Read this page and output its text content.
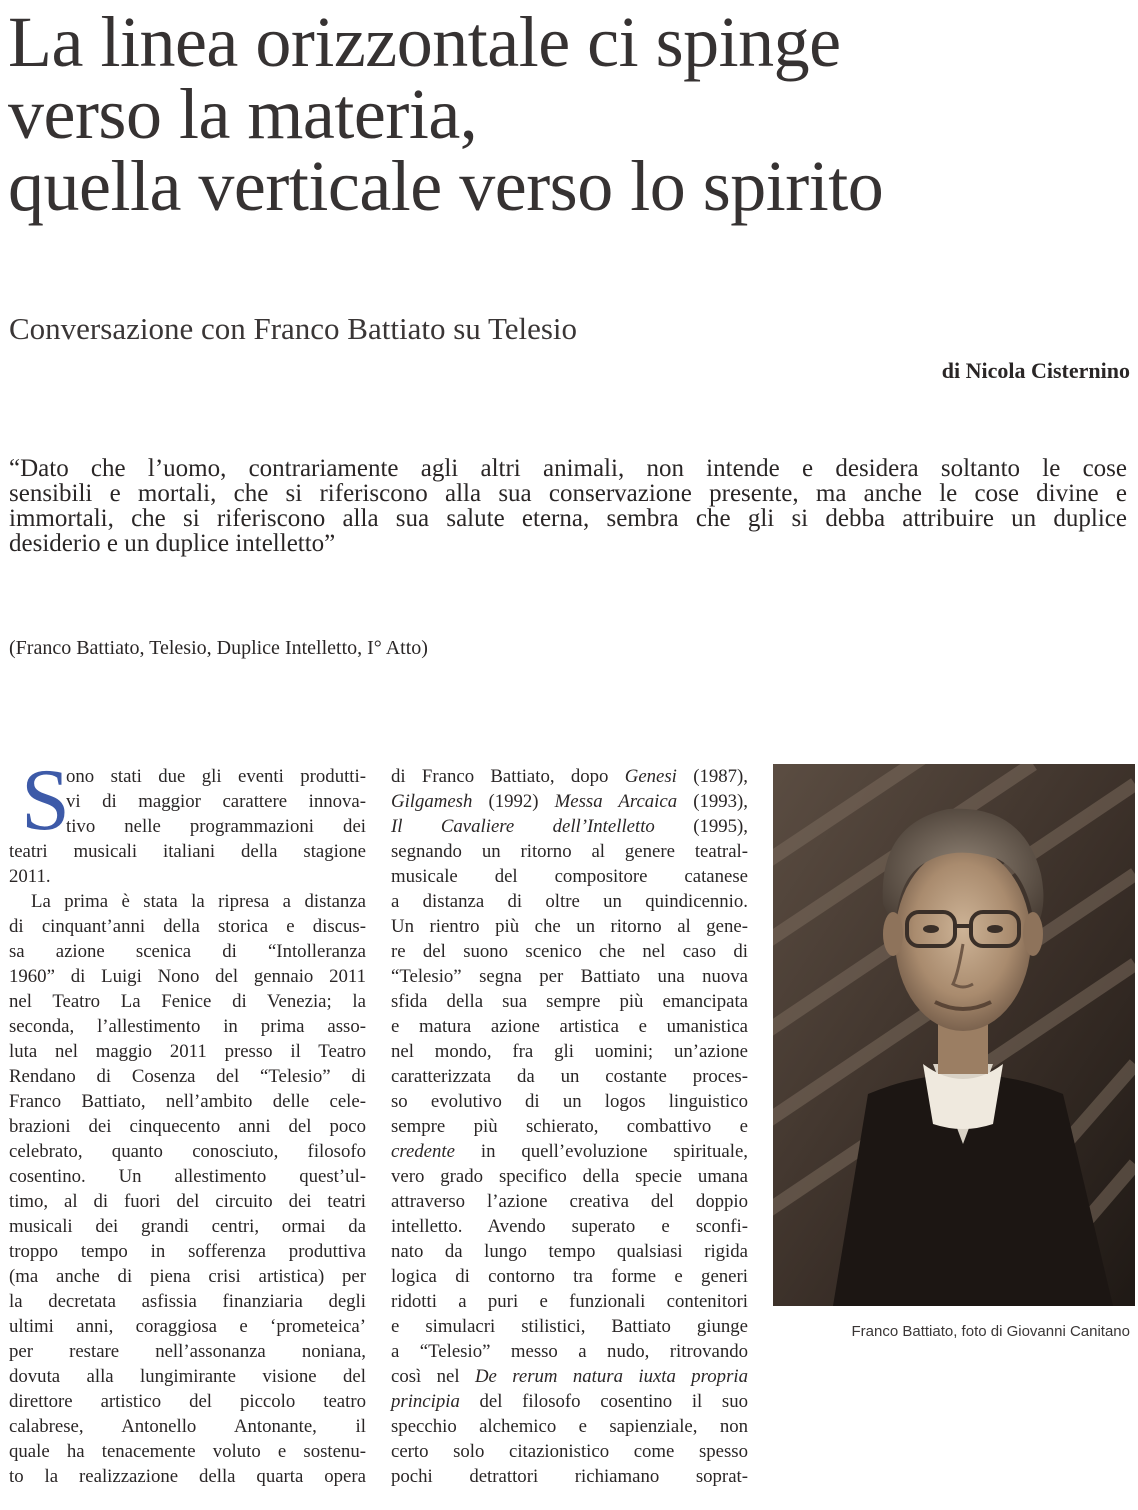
La linea orizzontale ci spinge
verso la materia,
quella verticale verso lo spirito
Conversazione con Franco Battiato su Telesio
di Nicola Cisternino

“Dato che l’uomo, contrariamente agli altri animali, non intende e desidera soltanto le cose
sensibili e mortali, che si riferiscono alla sua conservazione presente, ma anche le cose divine e
immortali, che si riferiscono alla sua salute eterna, sembra che gli si debba attribuire un duplice
desiderio e un duplice intelletto”

(Franco Battiato, Telesio, Duplice Intelletto, I° Atto)
S
ono stati due gli eventi produtti-
vi di maggior carattere innova-
tivo nelle programmazioni dei
teatri musicali italiani della stagione
2011.
La prima è stata la ripresa a distanza
di cinquant’anni della storica e discus-
sa azione scenica di “Intolleranza
1960” di Luigi Nono del gennaio 2011
nel Teatro La Fenice di Venezia; la
seconda, l’allestimento in prima asso-
luta nel maggio 2011 presso il Teatro
Rendano di Cosenza del “Telesio” di
Franco Battiato, nell’ambito delle cele-
brazioni dei cinquecento anni del poco
celebrato, quanto conosciuto, filosofo
cosentino. Un allestimento quest’ul-
timo, al di fuori del circuito dei teatri
musicali dei grandi centri, ormai da
troppo tempo in sofferenza produttiva
(ma anche di piena crisi artistica) per
la decretata asfissia finanziaria degli
ultimi anni, coraggiosa e ‘prometeica’
per restare nell’assonanza noniana,
dovuta alla lungimirante visione del
direttore artistico del piccolo teatro
calabrese, Antonello Antonante, il
quale ha tenacemente voluto e sostenu-
to la realizzazione della quarta opera
di Franco Battiato, dopo Genesi (1987),
Gilgamesh (1992) Messa Arcaica (1993),
Il Cavaliere dell’Intelletto (1995),
segnando un ritorno al genere teatral-
musicale del compositore catanese
a distanza di oltre un quindicennio.
Un rientro più che un ritorno al gene-
re del suono scenico che nel caso di
“Telesio” segna per Battiato una nuova
sfida della sua sempre più emancipata
e matura azione artistica e umanistica
nel mondo, fra gli uomini; un’azione
caratterizzata da un costante proces-
so evolutivo di un logos linguistico
sempre più schierato, combattivo e
credente in quell’evoluzione spirituale,
vero grado specifico della specie umana
attraverso l’azione creativa del doppio
intelletto. Avendo superato e sconfi-
nato da lungo tempo qualsiasi rigida
logica di contorno tra forme e generi
ridotti a puri e funzionali contenitori
e simulacri stilistici, Battiato giunge
a “Telesio” messo a nudo, ritrovando
così nel De rerum natura iuxta propria
principia del filosofo cosentino il suo
specchio alchemico e sapienziale, non
certo solo citazionistico come spesso
pochi detrattori richiamano soprat-
Franco Battiato, foto di Giovanni Canitano
